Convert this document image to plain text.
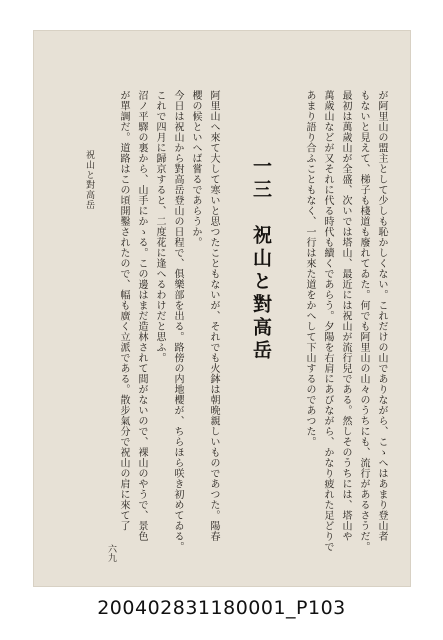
が阿里山の盟主として少しも恥かしくない。これだけの山でありながら、こゝへはあまり登山者
もないと見えて、梯子も棧道も廢れてゐた。何でも阿里山の山々のうちにも、流行があるさうだ。
最初は萬歲山が全盛、次いでは塔山、最近には祝山が流行兒である。然しそのうちには、塔山や
萬歲山などが又それに代る時代も續くであらう。夕陽を右肩にあびながら、かなり疲れた足どりで
あまり語り合ふこともなく、一行は來た道をかへして下山するのであつた。
一三　祝山と對高岳
阿里山へ來て大して寒いと思つたこともないが、それでも火鉢は朝晩親しいものであつた。陽春
櫻の候といへば嘗るであらうか。
今日は祝山から對高岳登山の日程で、俱樂部を出る。路傍の内地櫻が、ちらほら咲き初めてゐる。
これで四月に歸京すると、二度花に逢へるわけだと思ふ。
沼ノ平驛の裏から、山手にかゝる。この邊はまだ造林されて間がないので、裸山のやうで、景色
が單調だ。道路はこの頃開鑿されたので、幅も廣く立派である。散步氣分で祝山の肩に來て了
祝山と對高岳
六九
200402831180001_P103
